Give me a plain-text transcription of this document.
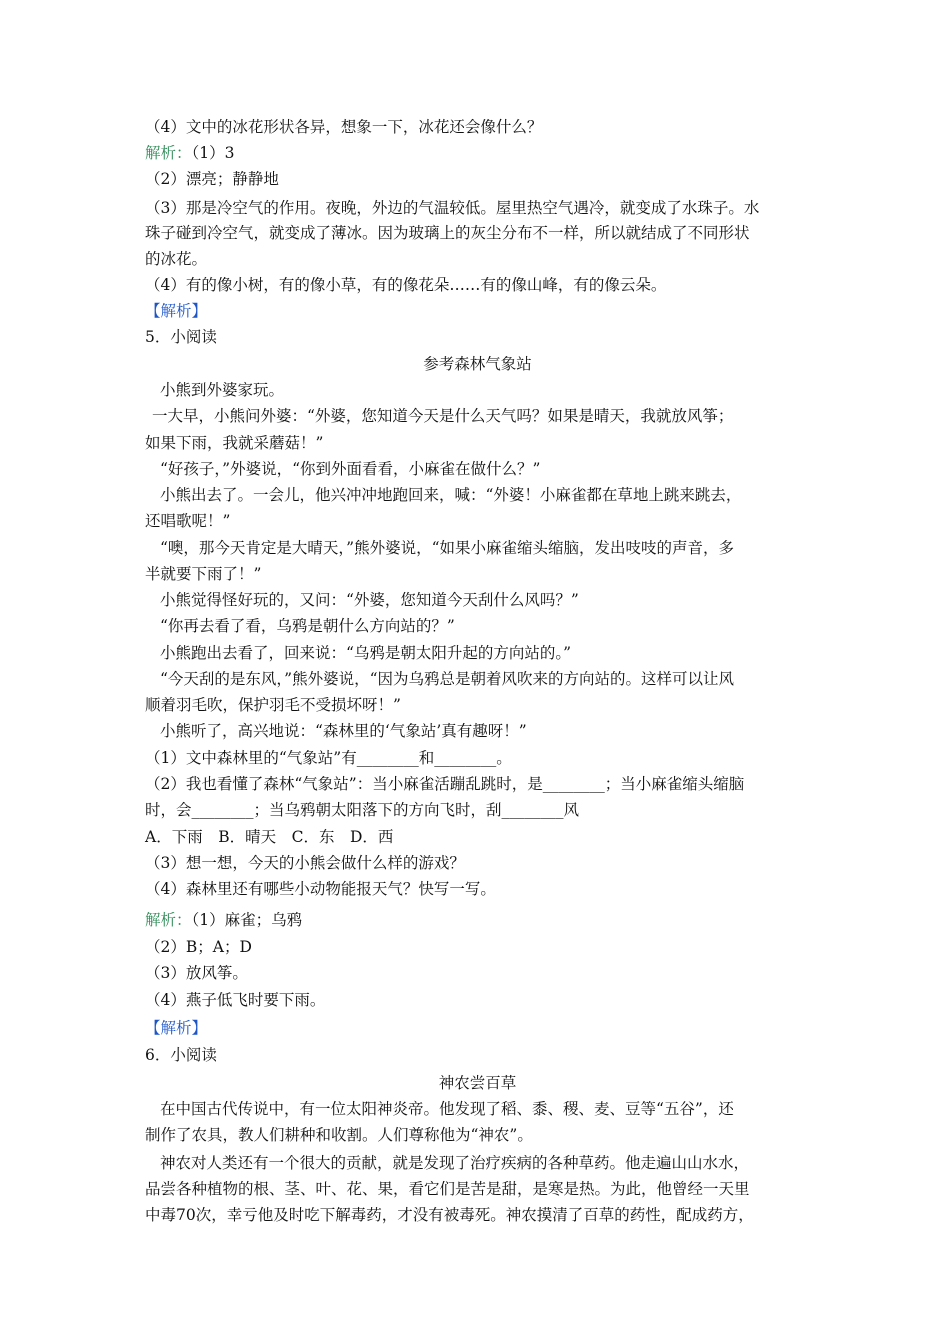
（4）文中的冰花形状各异，想象一下，冰花还会像什么？
解析：（1）3
（2）漂亮；静静地
（3）那是冷空气的作用。夜晚，外边的气温较低。屋里热空气遇冷，就变成了水珠子。水
珠子碰到冷空气，就变成了薄冰。因为玻璃上的灰尘分布不一样，所以就结成了不同形状
的冰花。
（4）有的像小树，有的像小草，有的像花朵……有的像山峰，有的像云朵。
【解析】
5．小阅读
参考森林气象站
小熊到外婆家玩。
一大早，小熊问外婆：“外婆，您知道今天是什么天气吗？如果是晴天，我就放风筝；
如果下雨，我就采蘑菇！”
“好孩子，”外婆说，“你到外面看看，小麻雀在做什么？”
小熊出去了。一会儿，他兴冲冲地跑回来，喊：“外婆！小麻雀都在草地上跳来跳去，
还唱歌呢！”
“噢，那今天肯定是大晴天，”熊外婆说，“如果小麻雀缩头缩脑，发出吱吱的声音，多
半就要下雨了！”
小熊觉得怪好玩的，又问：“外婆，您知道今天刮什么风吗？”
“你再去看了看，乌鸦是朝什么方向站的？”
小熊跑出去看了，回来说：“乌鸦是朝太阳升起的方向站的。”
“今天刮的是东风，”熊外婆说，“因为乌鸦总是朝着风吹来的方向站的。这样可以让风
顺着羽毛吹，保护羽毛不受损坏呀！”
小熊听了，高兴地说：“森林里的‘气象站’真有趣呀！”
（1）文中森林里的“气象站”有________和________。
（2）我也看懂了森林“气象站”：当小麻雀活蹦乱跳时，是________；当小麻雀缩头缩脑
时，会________；当乌鸦朝太阳落下的方向飞时，刮________风
A．下雨　B．晴天　C．东　D．西
（3）想一想，今天的小熊会做什么样的游戏？
（4）森林里还有哪些小动物能报天气？快写一写。
解析：（1）麻雀；乌鸦
（2）B；A；D
（3）放风筝。
（4）燕子低飞时要下雨。
【解析】
6．小阅读
神农尝百草
在中国古代传说中，有一位太阳神炎帝。他发现了稻、黍、稷、麦、豆等“五谷”，还
制作了农具，教人们耕种和收割。人们尊称他为“神农”。
神农对人类还有一个很大的贡献，就是发现了治疗疾病的各种草药。他走遍山山水水，
品尝各种植物的根、茎、叶、花、果，看它们是苦是甜，是寒是热。为此，他曾经一天里
中毒70次，幸亏他及时吃下解毒药，才没有被毒死。神农摸清了百草的药性，配成药方，
